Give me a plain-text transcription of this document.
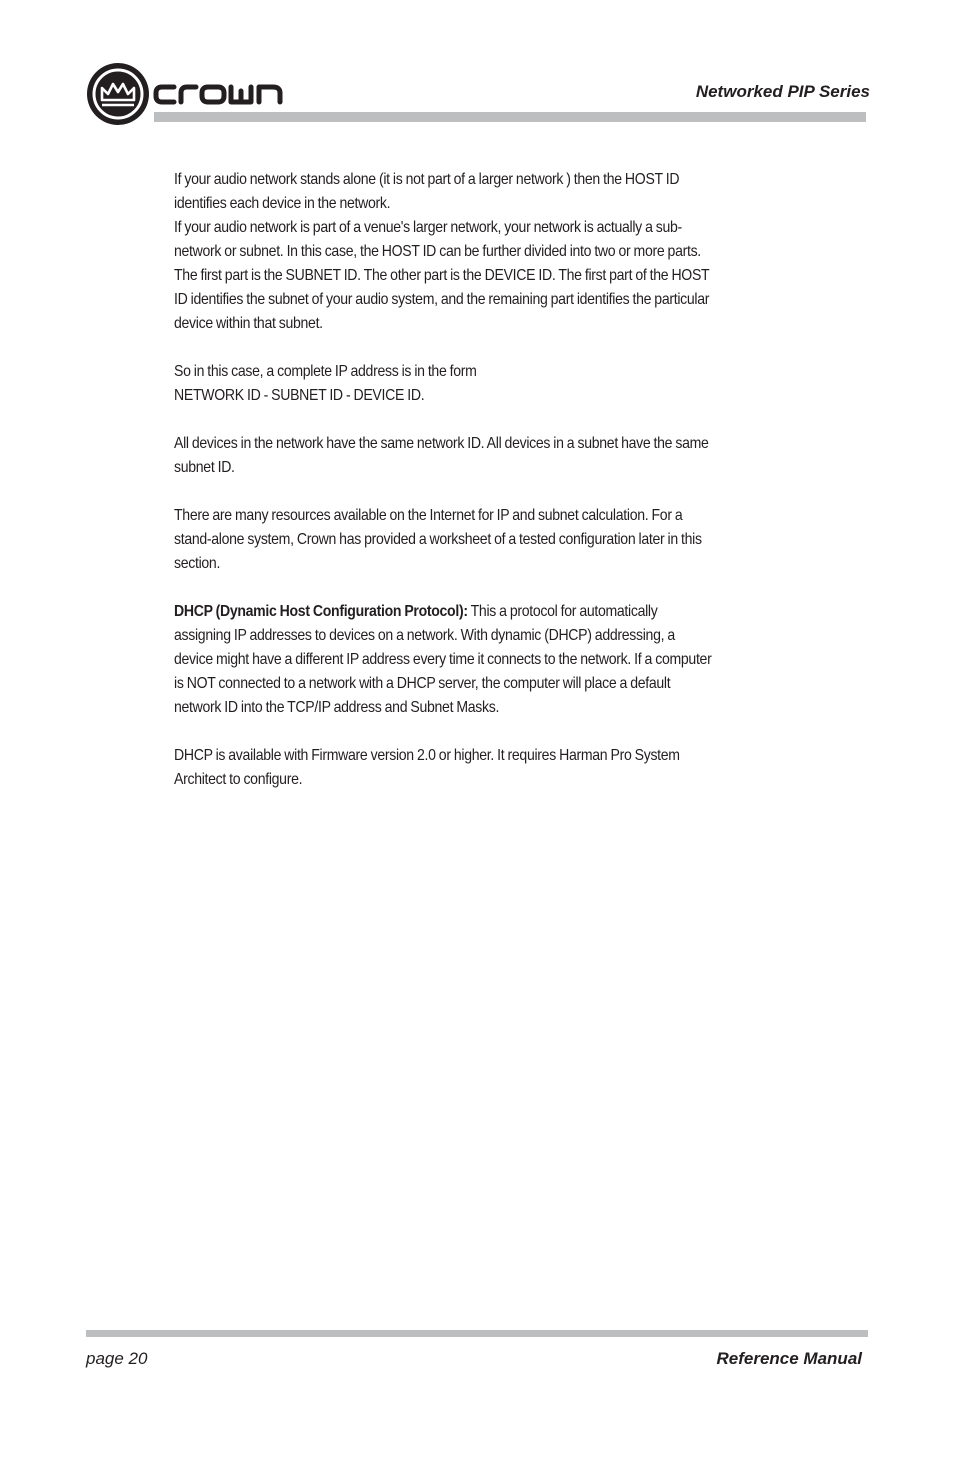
Networked PIP Series

If your audio network stands alone (it is not part of a larger network ) then the HOST ID identifies each device in the network.

If your audio network is part of a venue's larger network, your network is actually a sub-network or subnet. In this case, the HOST ID can be further divided into two or more parts. The first part is the SUBNET ID. The other part is the DEVICE ID. The first part of the HOST ID identifies the subnet of your audio system, and the remaining part identifies the particular device within that subnet.

So in this case, a complete IP address is in the form

NETWORK ID - SUBNET ID - DEVICE ID.

All devices in the network have the same network ID. All devices in a subnet have the same subnet ID.

There are many resources available on the Internet for IP and subnet calculation. For a stand-alone system, Crown has provided a worksheet of a tested configuration later in this section.

DHCP (Dynamic Host Configuration Protocol): This a protocol for automatically assigning IP addresses to devices on a network. With dynamic (DHCP) addressing, a device might have a different IP address every time it connects to the network. If a computer is NOT connected to a network with a DHCP server, the computer will place a default network ID into the TCP/IP address and Subnet Masks.

DHCP is available with Firmware version 2.0 or higher. It requires Harman Pro System Architect to configure.

page 20	Reference Manual
